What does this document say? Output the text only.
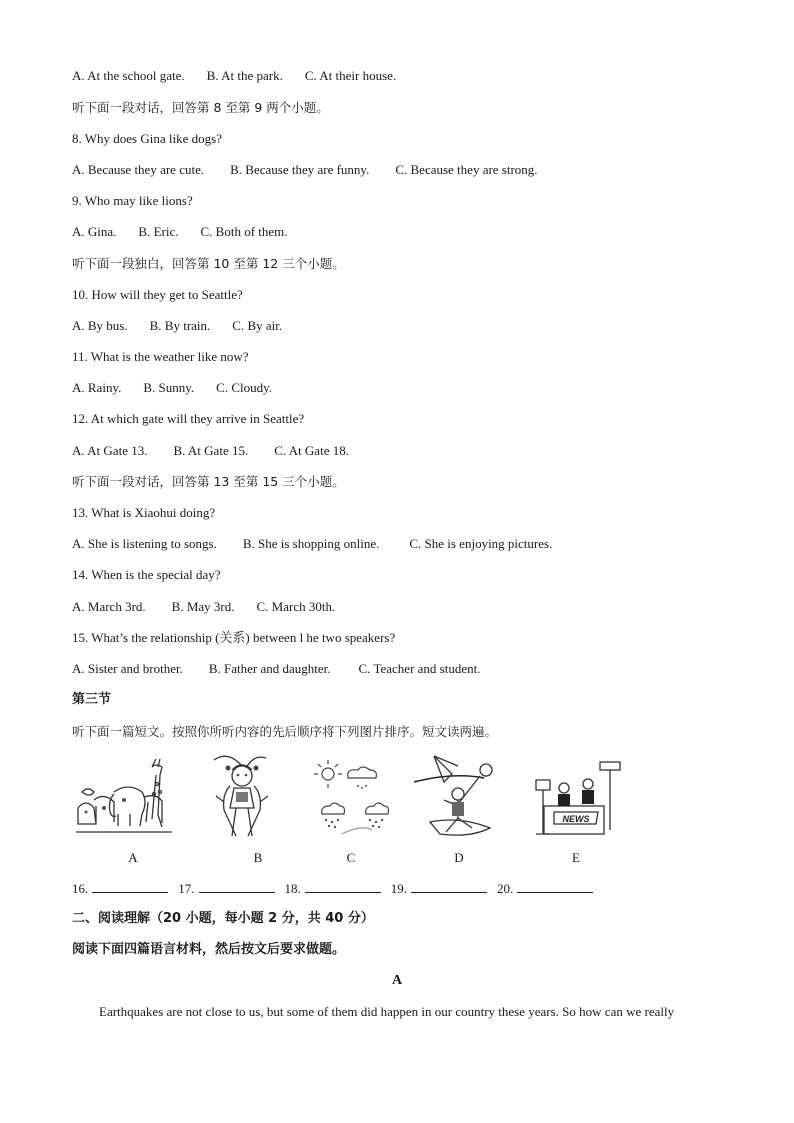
A. At the school gate. B. At the park. C. At their house.
听下面一段对话，回答第 8 至第 9 两个小题。
8. Why does Gina like dogs?
A. Because they are cute. B. Because they are funny. C. Because they are strong.
9. Who may like lions?
A. Gina. B. Eric. C. Both of them.
听下面一段独白，回答第 10 至第 12 三个小题。
10. How will they get to Seattle?
A. By bus. B. By train. C. By air.
11. What is the weather like now?
A. Rainy. B. Sunny. C. Cloudy.
12. At which gate will they arrive in Seattle?
A. At Gate 13. B. At Gate 15. C. At Gate 18.
听下面一段对话，回答第 13 至第 15 三个小题。
13. What is Xiaohui doing?
A. She is listening to songs. B. She is shopping online. C. She is enjoying pictures.
14. When is the special day?
A. March 3rd. B. May 3rd. C. March 30th.
15. What’s the relationship (关系) between l he two speakers?
A. Sister and brother. B. Father and daughter. C. Teacher and student.
第三节
听下面一篇短文。按照你所听内容的先后顺序将下列图片排序。短文读两遍。
A	B	C	D
NEWS
E
16.	17.	18.	19.	20.
二、阅读理解（20 小题，每小题 2 分，共 40 分）
阅读下面四篇语言材料，然后按文后要求做题。
A
Earthquakes are not close to us, but some of them did happen in our country these years. So how can we really
